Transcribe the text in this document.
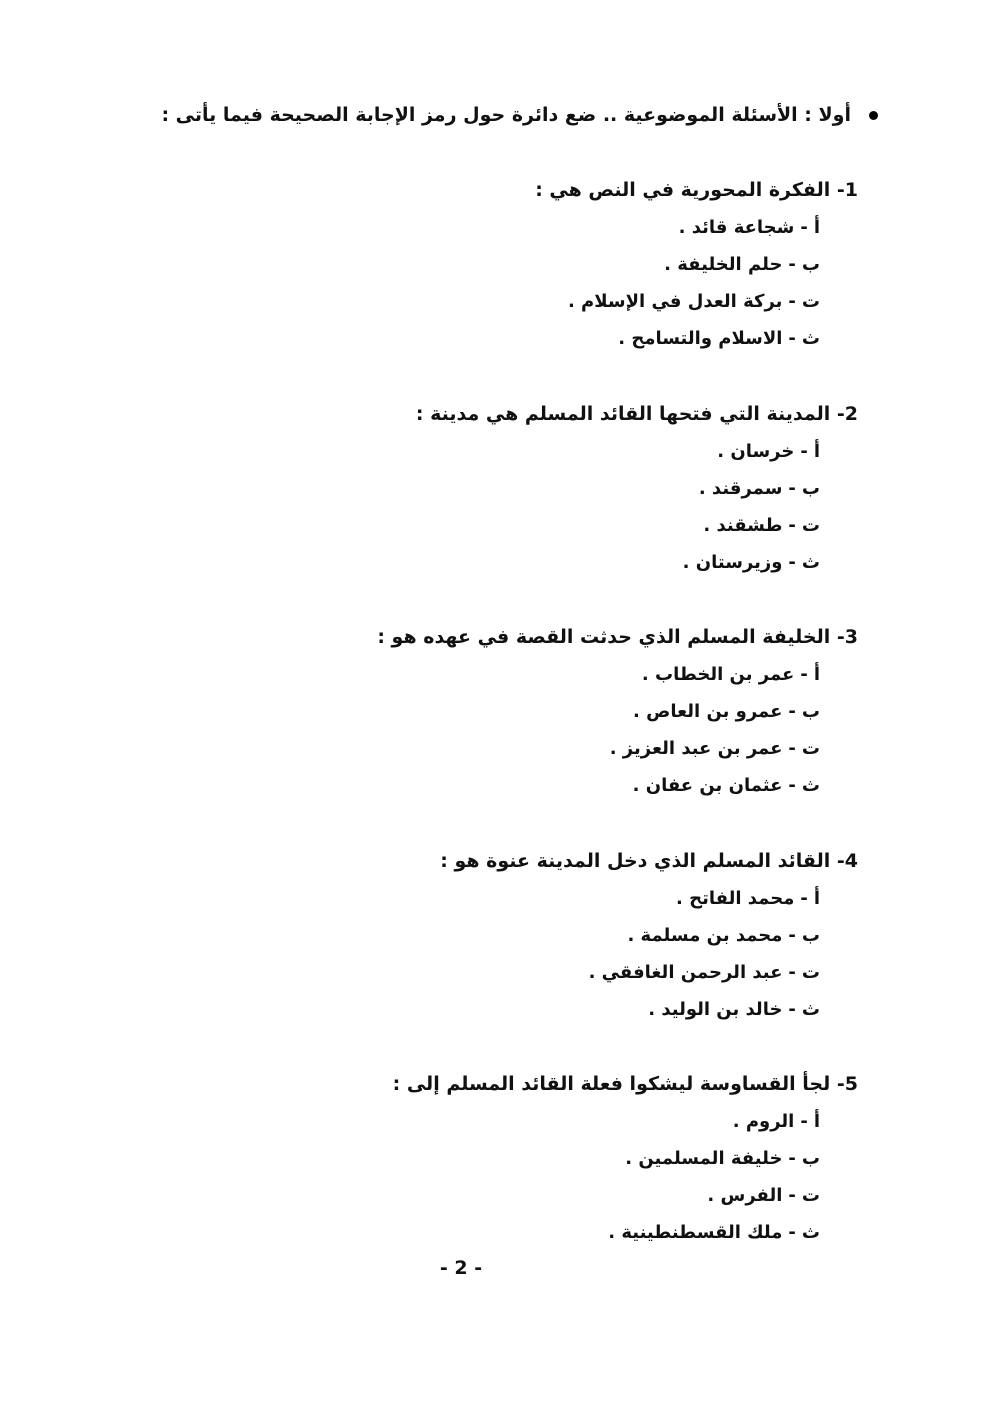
أولا : الأسئلة الموضوعية .. ضع دائرة حول رمز الإجابة الصحيحة فيما يأتى :
1- الفكرة المحورية في النص هي :
أ-شجاعة قائد .
ب-حلم الخليفة .
ت-بركة العدل في الإسلام .
ث-الاسلام والتسامح .
2- المدينة التي فتحها القائد المسلم هي مدينة :
أ-خرسان .
ب-سمرقند .
ت-طشقند .
ث-وزيرستان .
3- الخليفة المسلم الذي حدثت القصة في عهده هو :
أ-عمر بن الخطاب .
ب-عمرو بن العاص .
ت-عمر بن عبد العزيز .
ث-عثمان بن عفان .
4- القائد المسلم الذي دخل المدينة عنوة هو :
أ-محمد الفاتح .
ب-محمد بن مسلمة .
ت-عبد الرحمن الغافقي .
ث-خالد بن الوليد .
5- لجأ القساوسة ليشكوا فعلة القائد المسلم إلى :
أ-الروم .
ب-خليفة المسلمين .
ت-الفرس .
ث-ملك القسطنطينية .
- 2 -
